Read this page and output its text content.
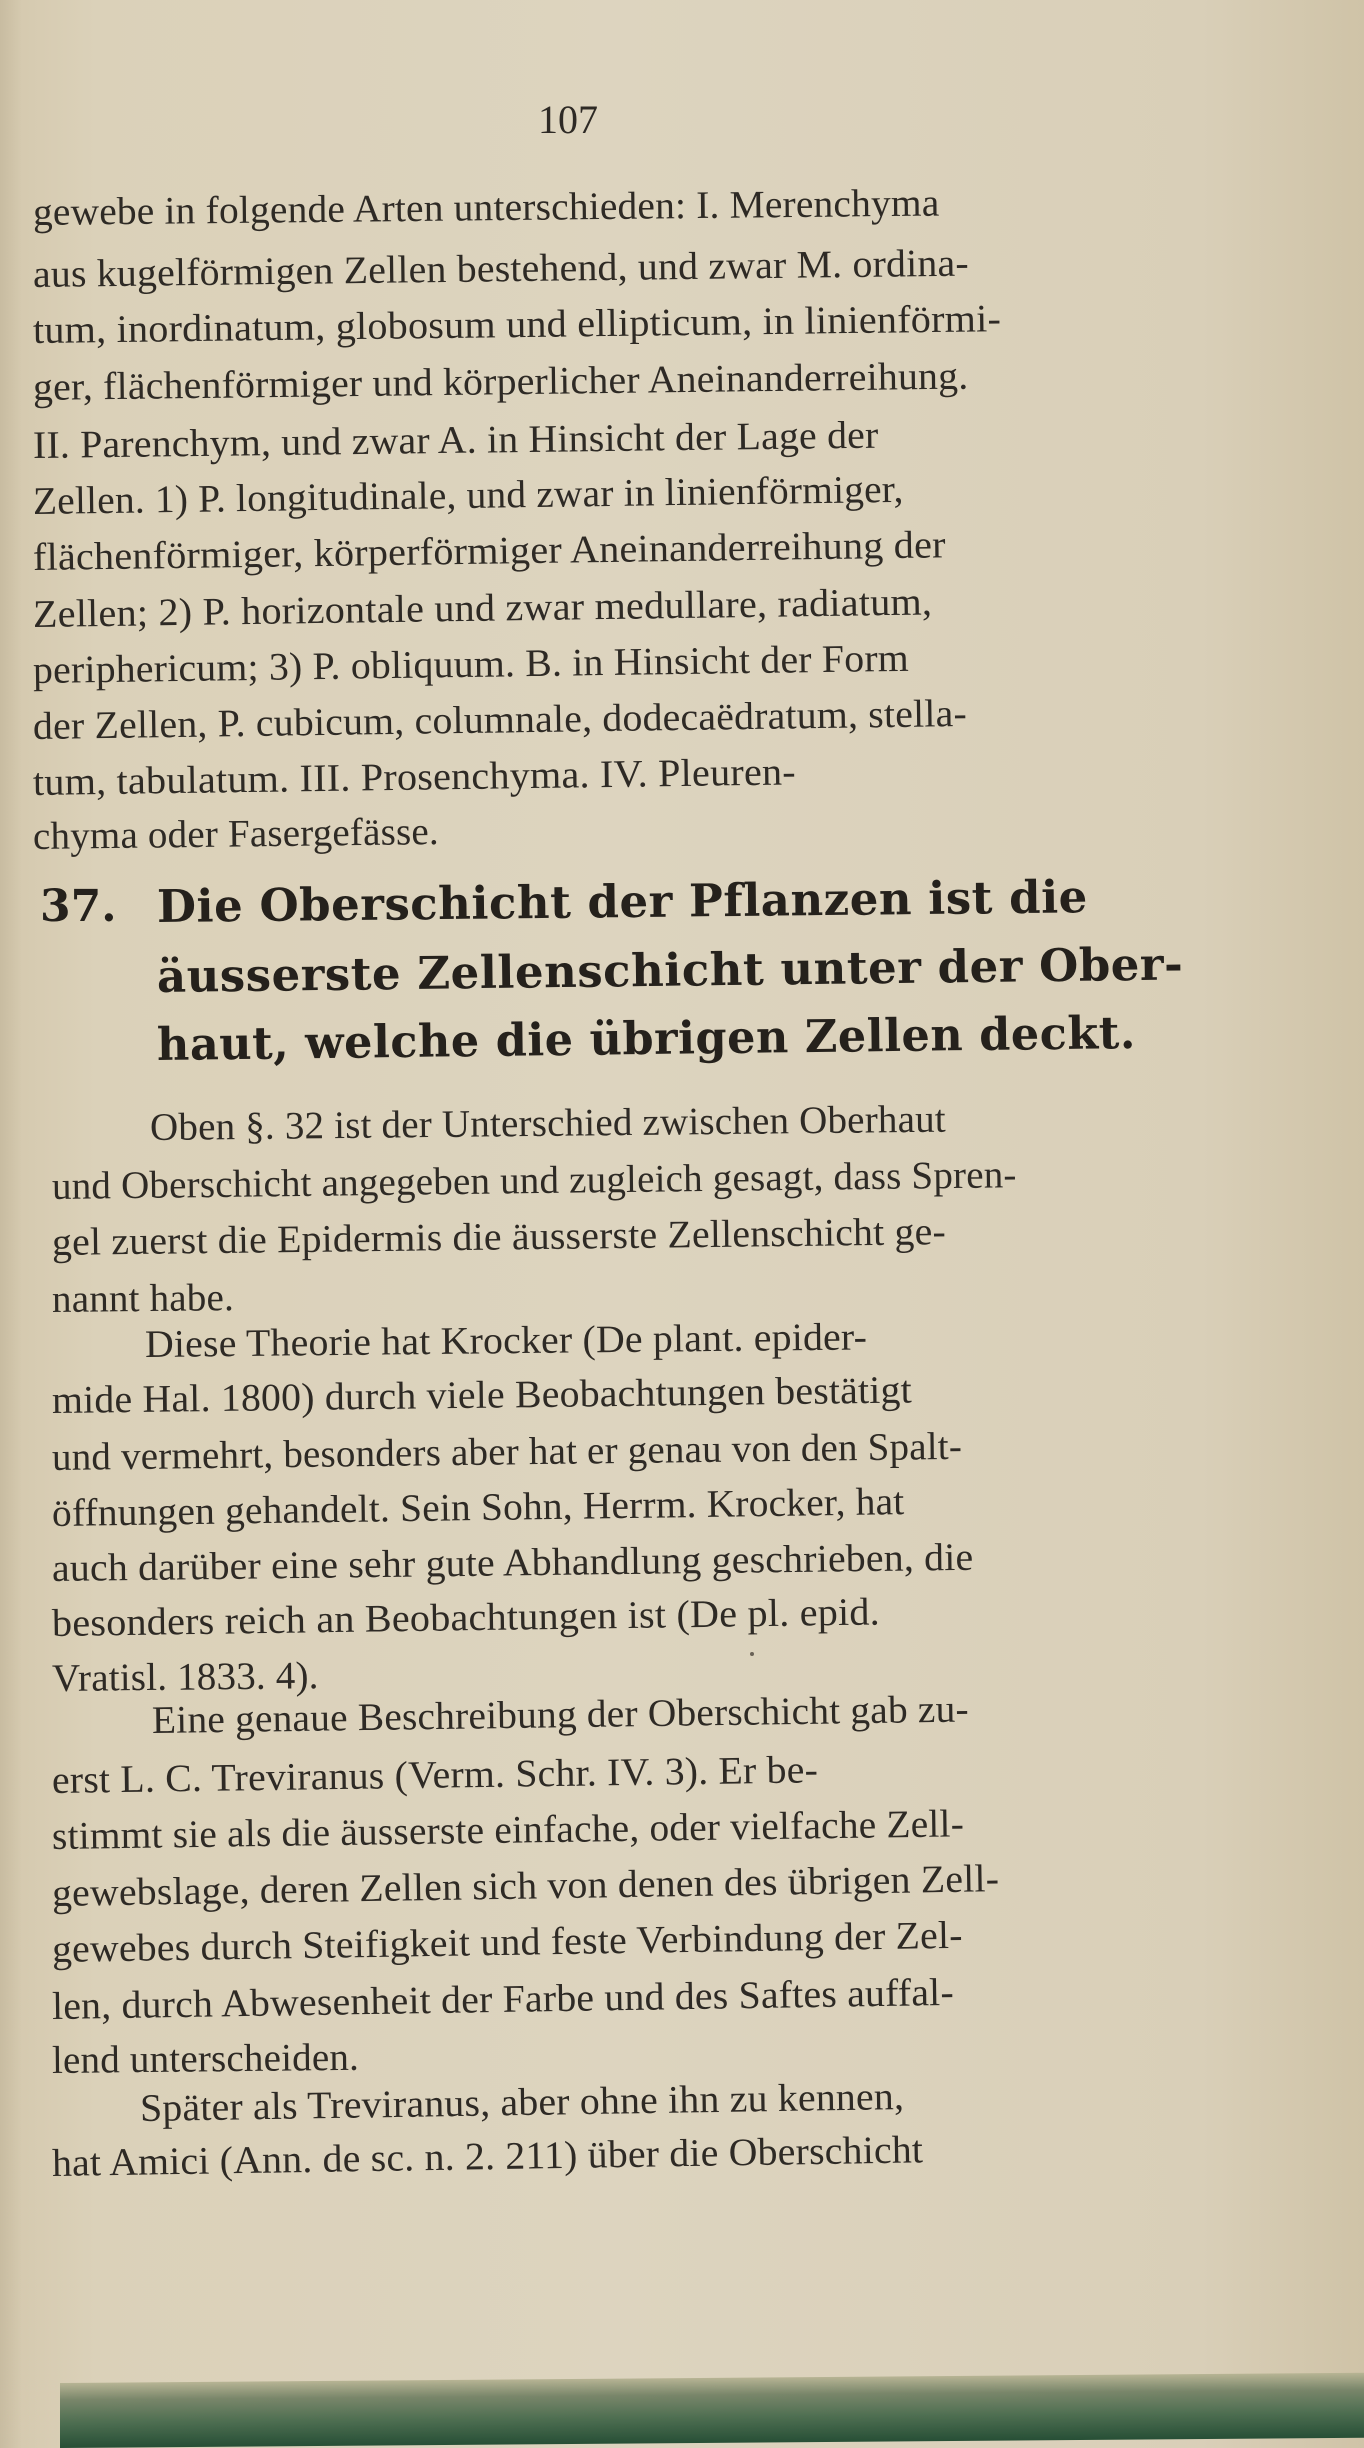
107
gewebe in folgende Arten unterschieden: I. Merenchyma
aus kugelförmigen Zellen bestehend, und zwar M. ordina-
tum, inordinatum, globosum und ellipticum, in linienförmi-
ger, flächenförmiger und körperlicher Aneinanderreihung.
II. Parenchym, und zwar A. in Hinsicht der Lage der
Zellen. 1) P. longitudinale, und zwar in linienförmiger,
flächenförmiger, körperförmiger Aneinanderreihung der
Zellen; 2) P. horizontale und zwar medullare, radiatum,
periphericum; 3) P. obliquum. B. in Hinsicht der Form
der Zellen, P. cubicum, columnale, dodecaëdratum, stella-
tum, tabulatum. III. Prosenchyma. IV. Pleuren-
chyma oder Fasergefässe.
37. Die Oberschicht der Pflanzen ist die
äusserste Zellenschicht unter der Ober-
haut, welche die übrigen Zellen deckt.
Oben §. 32 ist der Unterschied zwischen Oberhaut
und Oberschicht angegeben und zugleich gesagt, dass Spren-
gel zuerst die Epidermis die äusserste Zellenschicht ge-
nannt habe.
Diese Theorie hat Krocker (De plant. epider-
mide Hal. 1800) durch viele Beobachtungen bestätigt
und vermehrt, besonders aber hat er genau von den Spalt-
öffnungen gehandelt. Sein Sohn, Herrm. Krocker, hat
auch darüber eine sehr gute Abhandlung geschrieben, die
besonders reich an Beobachtungen ist (De pl. epid.
Vratisl. 1833. 4).
Eine genaue Beschreibung der Oberschicht gab zu-
erst L. C. Treviranus (Verm. Schr. IV. 3). Er be-
stimmt sie als die äusserste einfache, oder vielfache Zell-
gewebslage, deren Zellen sich von denen des übrigen Zell-
gewebes durch Steifigkeit und feste Verbindung der Zel-
len, durch Abwesenheit der Farbe und des Saftes auffal-
lend unterscheiden.
Später als Treviranus, aber ohne ihn zu kennen,
hat Amici (Ann. de sc. n. 2. 211) über die Oberschicht
